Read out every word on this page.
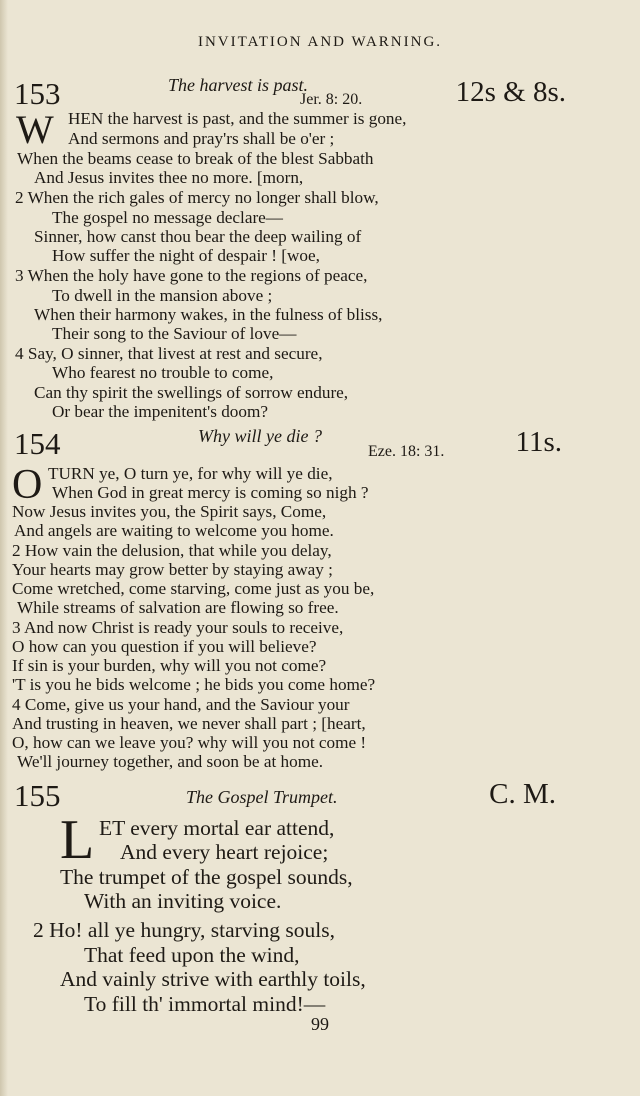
INVITATION AND WARNING.
153	The harvest is past.
Jer. 8: 20.	12s & 8s.
W HEN the harvest is past, and the summer is gone,
And sermons and pray'rs shall be o'er ;
When the beams cease to break of the blest Sabbath
And Jesus invites thee no more. [morn,
2 When the rich gales of mercy no longer shall blow,
The gospel no message declare—
Sinner, how canst thou bear the deep wailing of
How suffer the night of despair ! [woe,
3 When the holy have gone to the regions of peace,
To dwell in the mansion above ;
When their harmony wakes, in the fulness of bliss,
Their song to the Saviour of love—
4 Say, O sinner, that livest at rest and secure,
Who fearest no trouble to come,
Can thy spirit the swellings of sorrow endure,
Or bear the impenitent's doom?
154	Why will ye die ?
Eze. 18: 31. 11s.
O TURN ye, O turn ye, for why will ye die,
When God in great mercy is coming so nigh ?
Now Jesus invites you, the Spirit says, Come,
And angels are waiting to welcome you home.
2 How vain the delusion, that while you delay,
Your hearts may grow better by staying away ;
Come wretched, come starving, come just as you be,
While streams of salvation are flowing so free.
3 And now Christ is ready your souls to receive,
O how can you question if you will believe?
If sin is your burden, why will you not come?
'T is you he bids welcome ; he bids you come home?
4 Come, give us your hand, and the Saviour your
And trusting in heaven, we never shall part ; [heart,
O, how can we leave you? why will you not come !
We'll journey together, and soon be at home.
155	The Gospel Trumpet.	C. M.
L ET every mortal ear attend,
And every heart rejoice;
The trumpet of the gospel sounds,
With an inviting voice.
2 Ho! all ye hungry, starving souls,
That feed upon the wind,
And vainly strive with earthly toils,
To fill th' immortal mind!—
99
